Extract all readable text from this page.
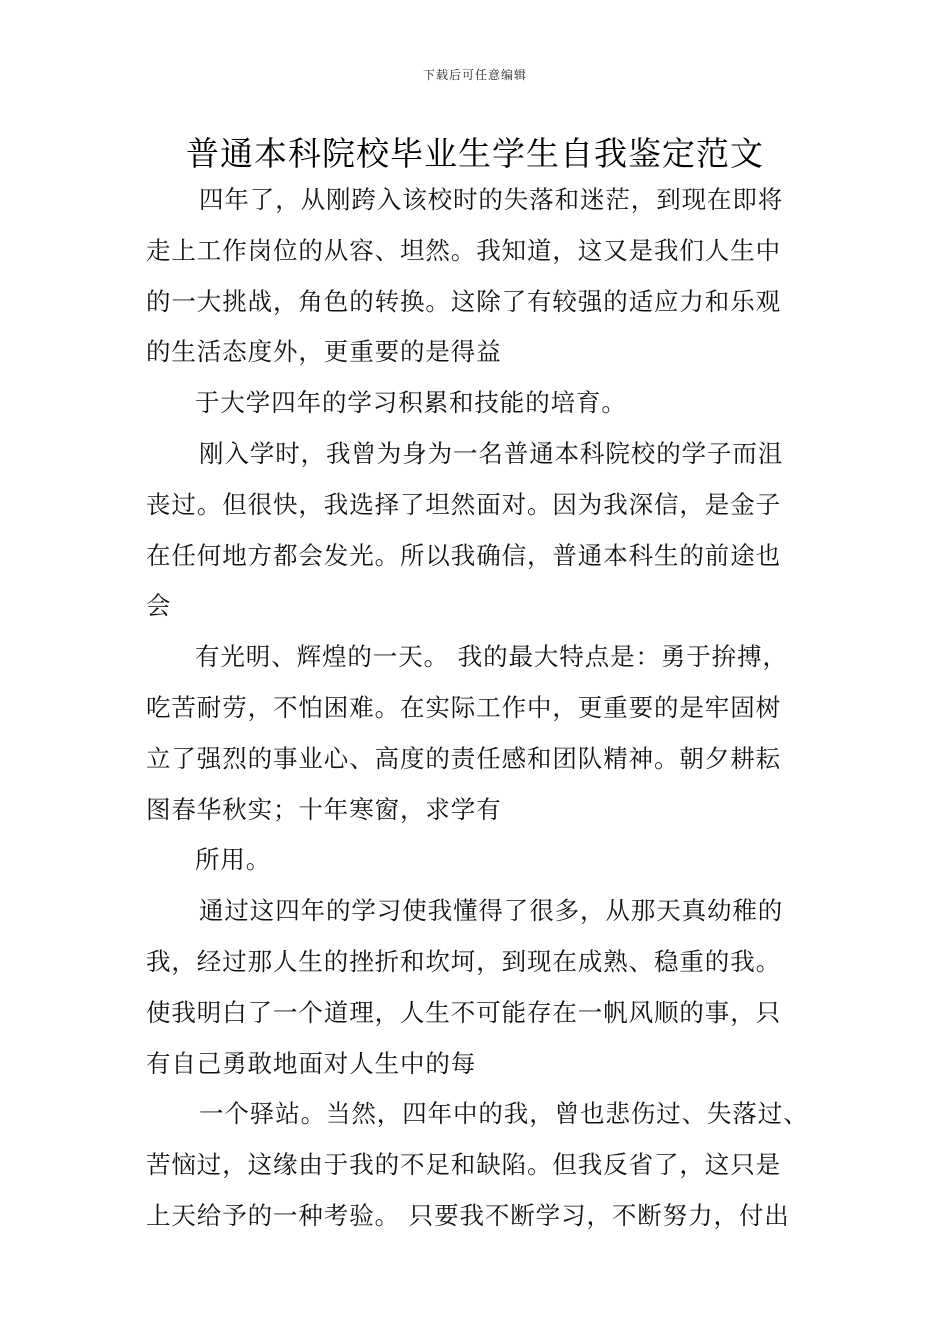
下载后可任意编辑
普通本科院校毕业生学生自我鉴定范文
四年了，从刚跨入该校时的失落和迷茫，到现在即将
走上工作岗位的从容、坦然。我知道，这又是我们人生中
的一大挑战，角色的转换。这除了有较强的适应力和乐观
的生活态度外，更重要的是得益
于大学四年的学习积累和技能的培育。
刚入学时，我曾为身为一名普通本科院校的学子而沮
丧过。但很快，我选择了坦然面对。因为我深信，是金子
在任何地方都会发光。所以我确信，普通本科生的前途也
会
有光明、辉煌的一天。 我的最大特点是：勇于拚搏，
吃苦耐劳，不怕困难。在实际工作中，更重要的是牢固树
立了强烈的事业心、高度的责任感和团队精神。朝夕耕耘
图春华秋实；十年寒窗，求学有
所用。
通过这四年的学习使我懂得了很多，从那天真幼稚的
我，经过那人生的挫折和坎坷，到现在成熟、稳重的我。
使我明白了一个道理，人生不可能存在一帆风顺的事，只
有自己勇敢地面对人生中的每
一个驿站。当然，四年中的我，曾也悲伤过、失落过、
苦恼过，这缘由于我的不足和缺陷。但我反省了，这只是
上天给予的一种考验。 只要我不断学习，不断努力，付出
